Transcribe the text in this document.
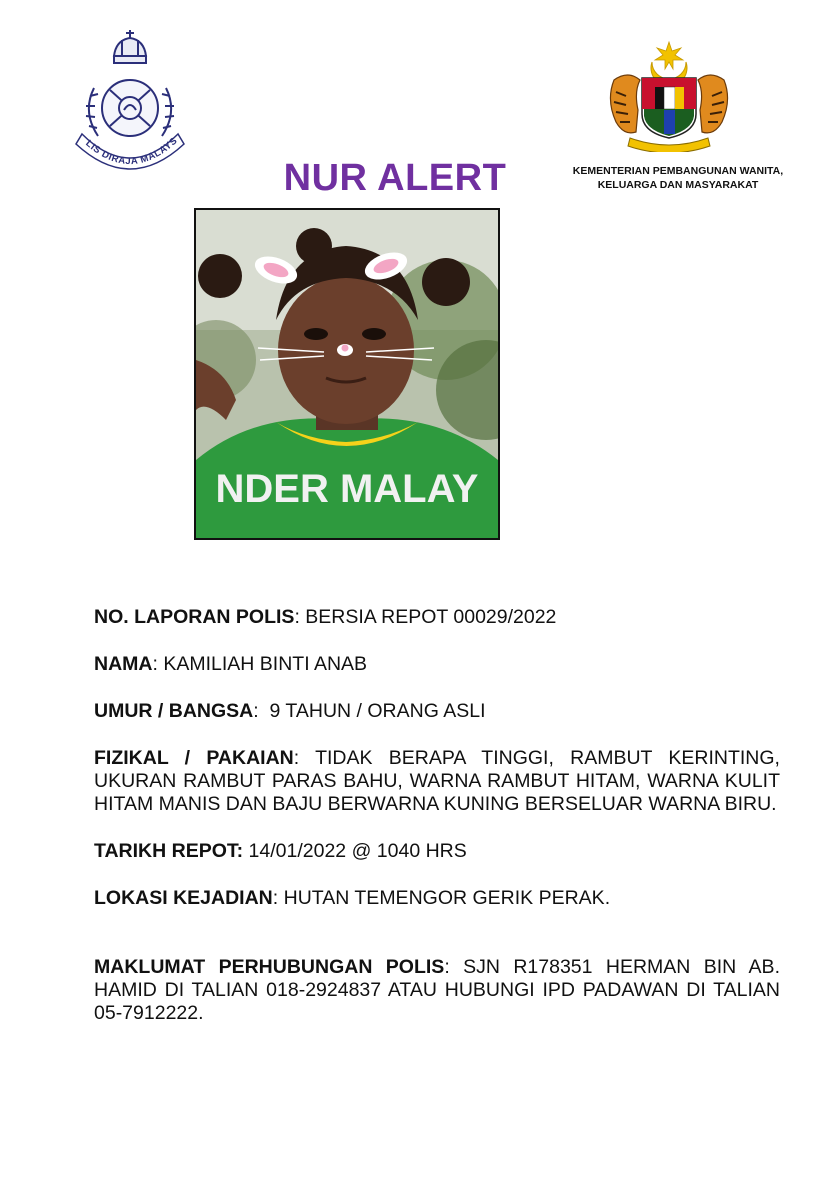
LIS DIRAJA MALAYS
KEMENTERIAN PEMBANGUNAN WANITA,
KELUARGA DAN MASYARAKAT
NUR ALERT
NDER MALAY

NO. LAPORAN POLIS: BERSIA REPOT 00029/2022

NAMA: KAMILIAH BINTI ANAB

UMUR / BANGSA:  9 TAHUN / ORANG ASLI

FIZIKAL / PAKAIAN: TIDAK BERAPA TINGGI, RAMBUT KERINTING, UKURAN RAMBUT PARAS BAHU, WARNA RAMBUT HITAM, WARNA KULIT HITAM MANIS DAN BAJU BERWARNA KUNING BERSELUAR WARNA BIRU.

TARIKH REPOT: 14/01/2022 @ 1040 HRS

LOKASI KEJADIAN: HUTAN TEMENGOR GERIK PERAK.

MAKLUMAT PERHUBUNGAN POLIS: SJN R178351 HERMAN BIN AB. HAMID DI TALIAN 018-2924837 ATAU HUBUNGI IPD PADAWAN DI TALIAN 05-7912222.
